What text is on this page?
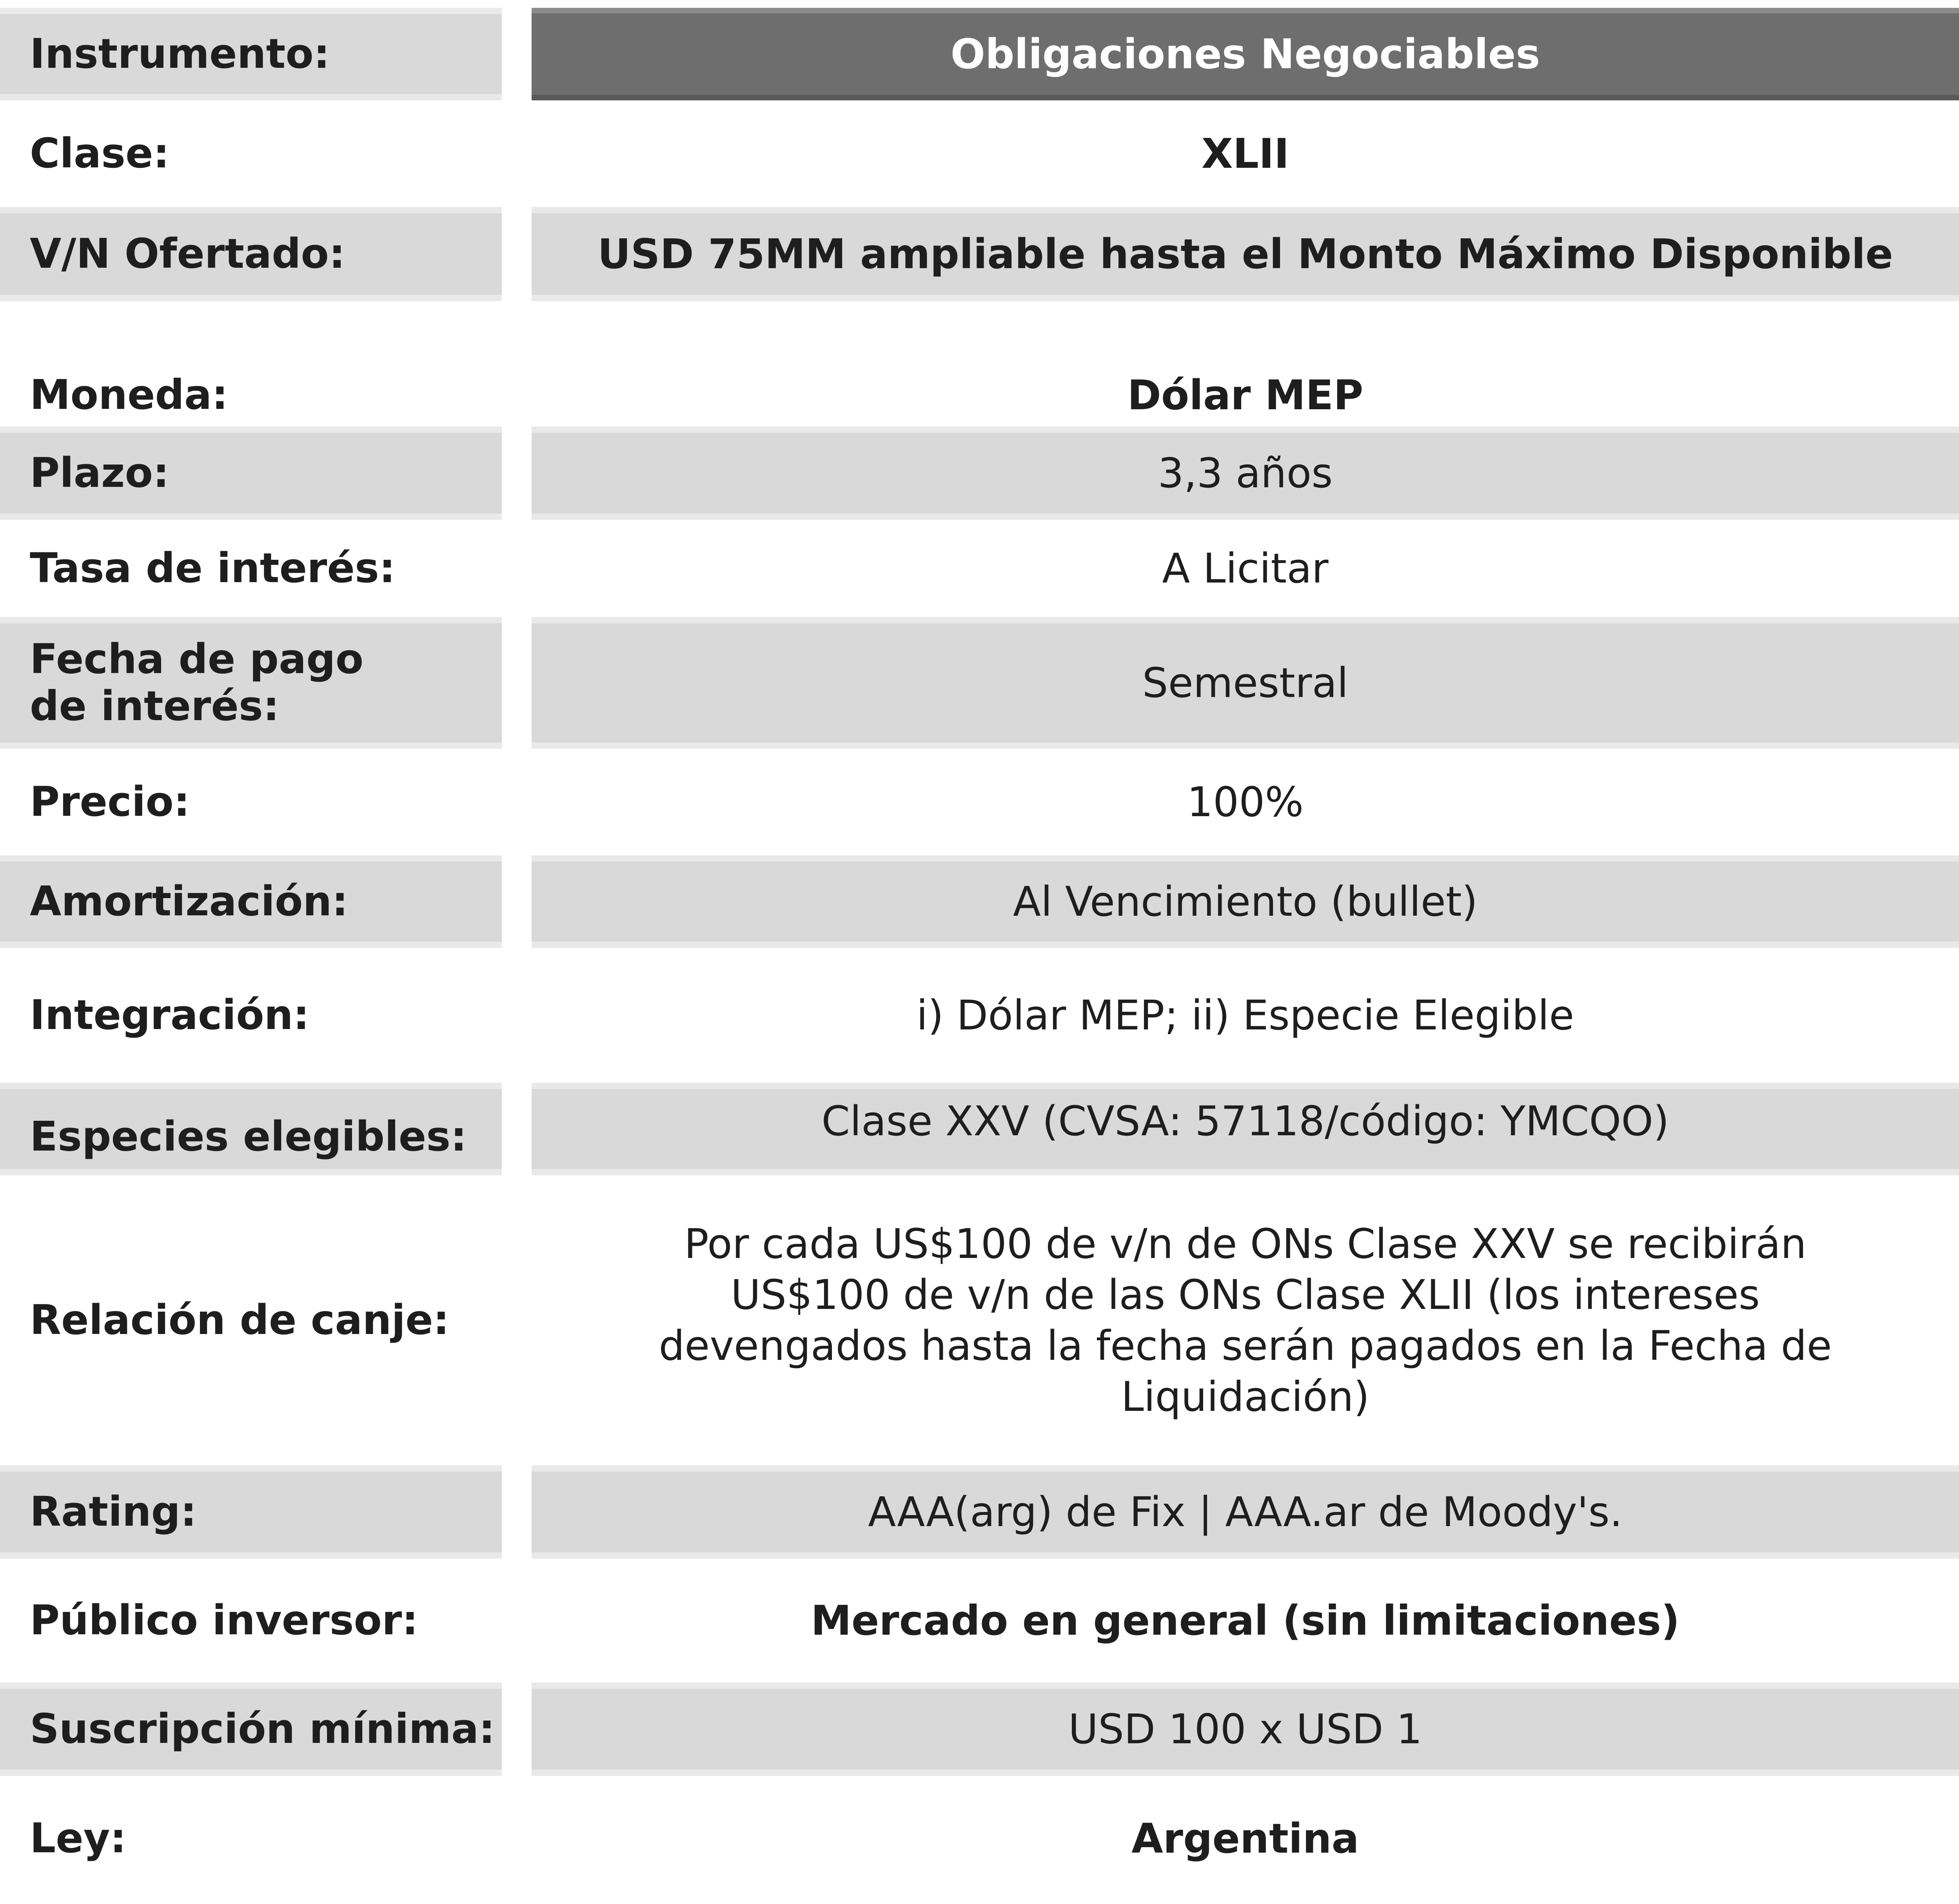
Instrumento:	Obligaciones Negociables
Clase:	XLII
V/N Ofertado:	USD 75MM ampliable hasta el Monto Máximo Disponible
Moneda:	Dólar MEP
Plazo:	3,3 años
Tasa de interés:	A Licitar
Fecha de pago de interés:	Semestral
Precio:	100%
Amortización:	Al Vencimiento (bullet)
Integración:	i) Dólar MEP; ii) Especie Elegible
Especies elegibles:	Clase XXV (CVSA: 57118/código: YMCQO)
Relación de canje:
Por cada US$100 de v/n de ONs Clase XXV se recibirán US$100 de v/n de las ONs Clase XLII (los intereses devengados hasta la fecha serán pagados en la Fecha de Liquidación)
Rating:	AAA(arg) de Fix | AAA.ar de Moody's.
Público inversor:	Mercado en general (sin limitaciones)
Suscripción mínima:	USD 100 x USD 1
Ley:	Argentina
